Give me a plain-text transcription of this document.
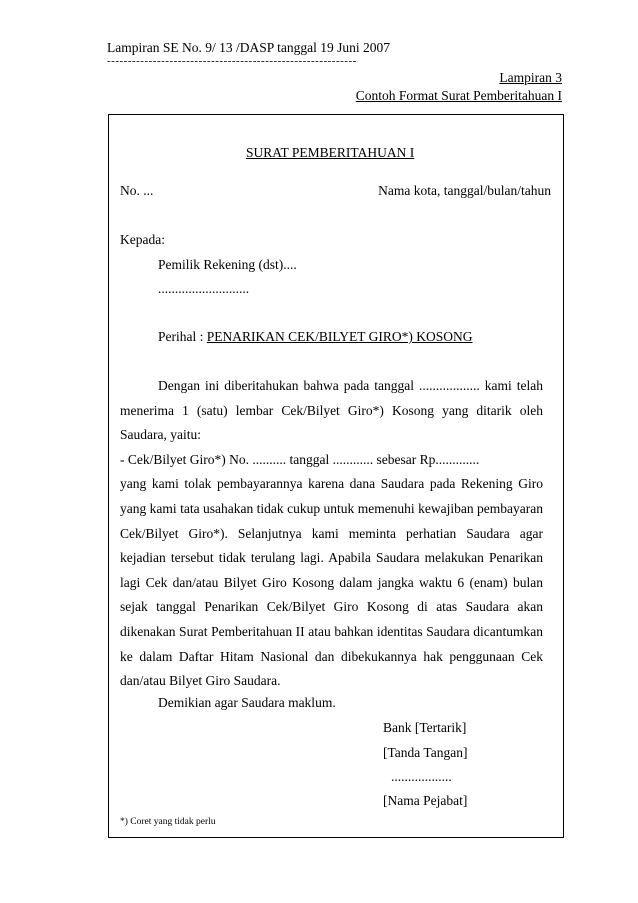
Lampiran SE No. 9/ 13 /DASP tanggal 19 Juni 2007
------------------------------------------------------------
Lampiran 3
Contoh Format Surat Pemberitahuan I
SURAT PEMBERITAHUAN I
No. ...	Nama kota, tanggal/bulan/tahun
Kepada:
Pemilik Rekening (dst)....
...........................
Perihal : PENARIKAN CEK/BILYET GIRO*) KOSONG

Dengan ini diberitahukan bahwa pada tanggal .................. kami telah menerima 1 (satu) lembar Cek/Bilyet Giro*) Kosong yang ditarik oleh Saudara, yaitu:

- Cek/Bilyet Giro*) No. .......... tanggal ............ sebesar Rp.............

yang kami tolak pembayarannya karena dana Saudara pada Rekening Giro yang kami tata usahakan tidak cukup untuk memenuhi kewajiban pembayaran Cek/Bilyet Giro*). Selanjutnya kami meminta perhatian Saudara agar kejadian tersebut tidak terulang lagi. Apabila Saudara melakukan Penarikan lagi Cek dan/atau Bilyet Giro Kosong dalam jangka waktu 6 (enam) bulan sejak tanggal Penarikan Cek/Bilyet Giro Kosong di atas Saudara akan dikenakan Surat Pemberitahuan II atau bahkan identitas Saudara dicantumkan ke dalam Daftar Hitam Nasional dan dibekukannya hak penggunaan Cek dan/atau Bilyet Giro Saudara.

Demikian agar Saudara maklum.
Bank [Tertarik]
[Tanda Tangan]
..................
[Nama Pejabat]
*) Coret yang tidak perlu
